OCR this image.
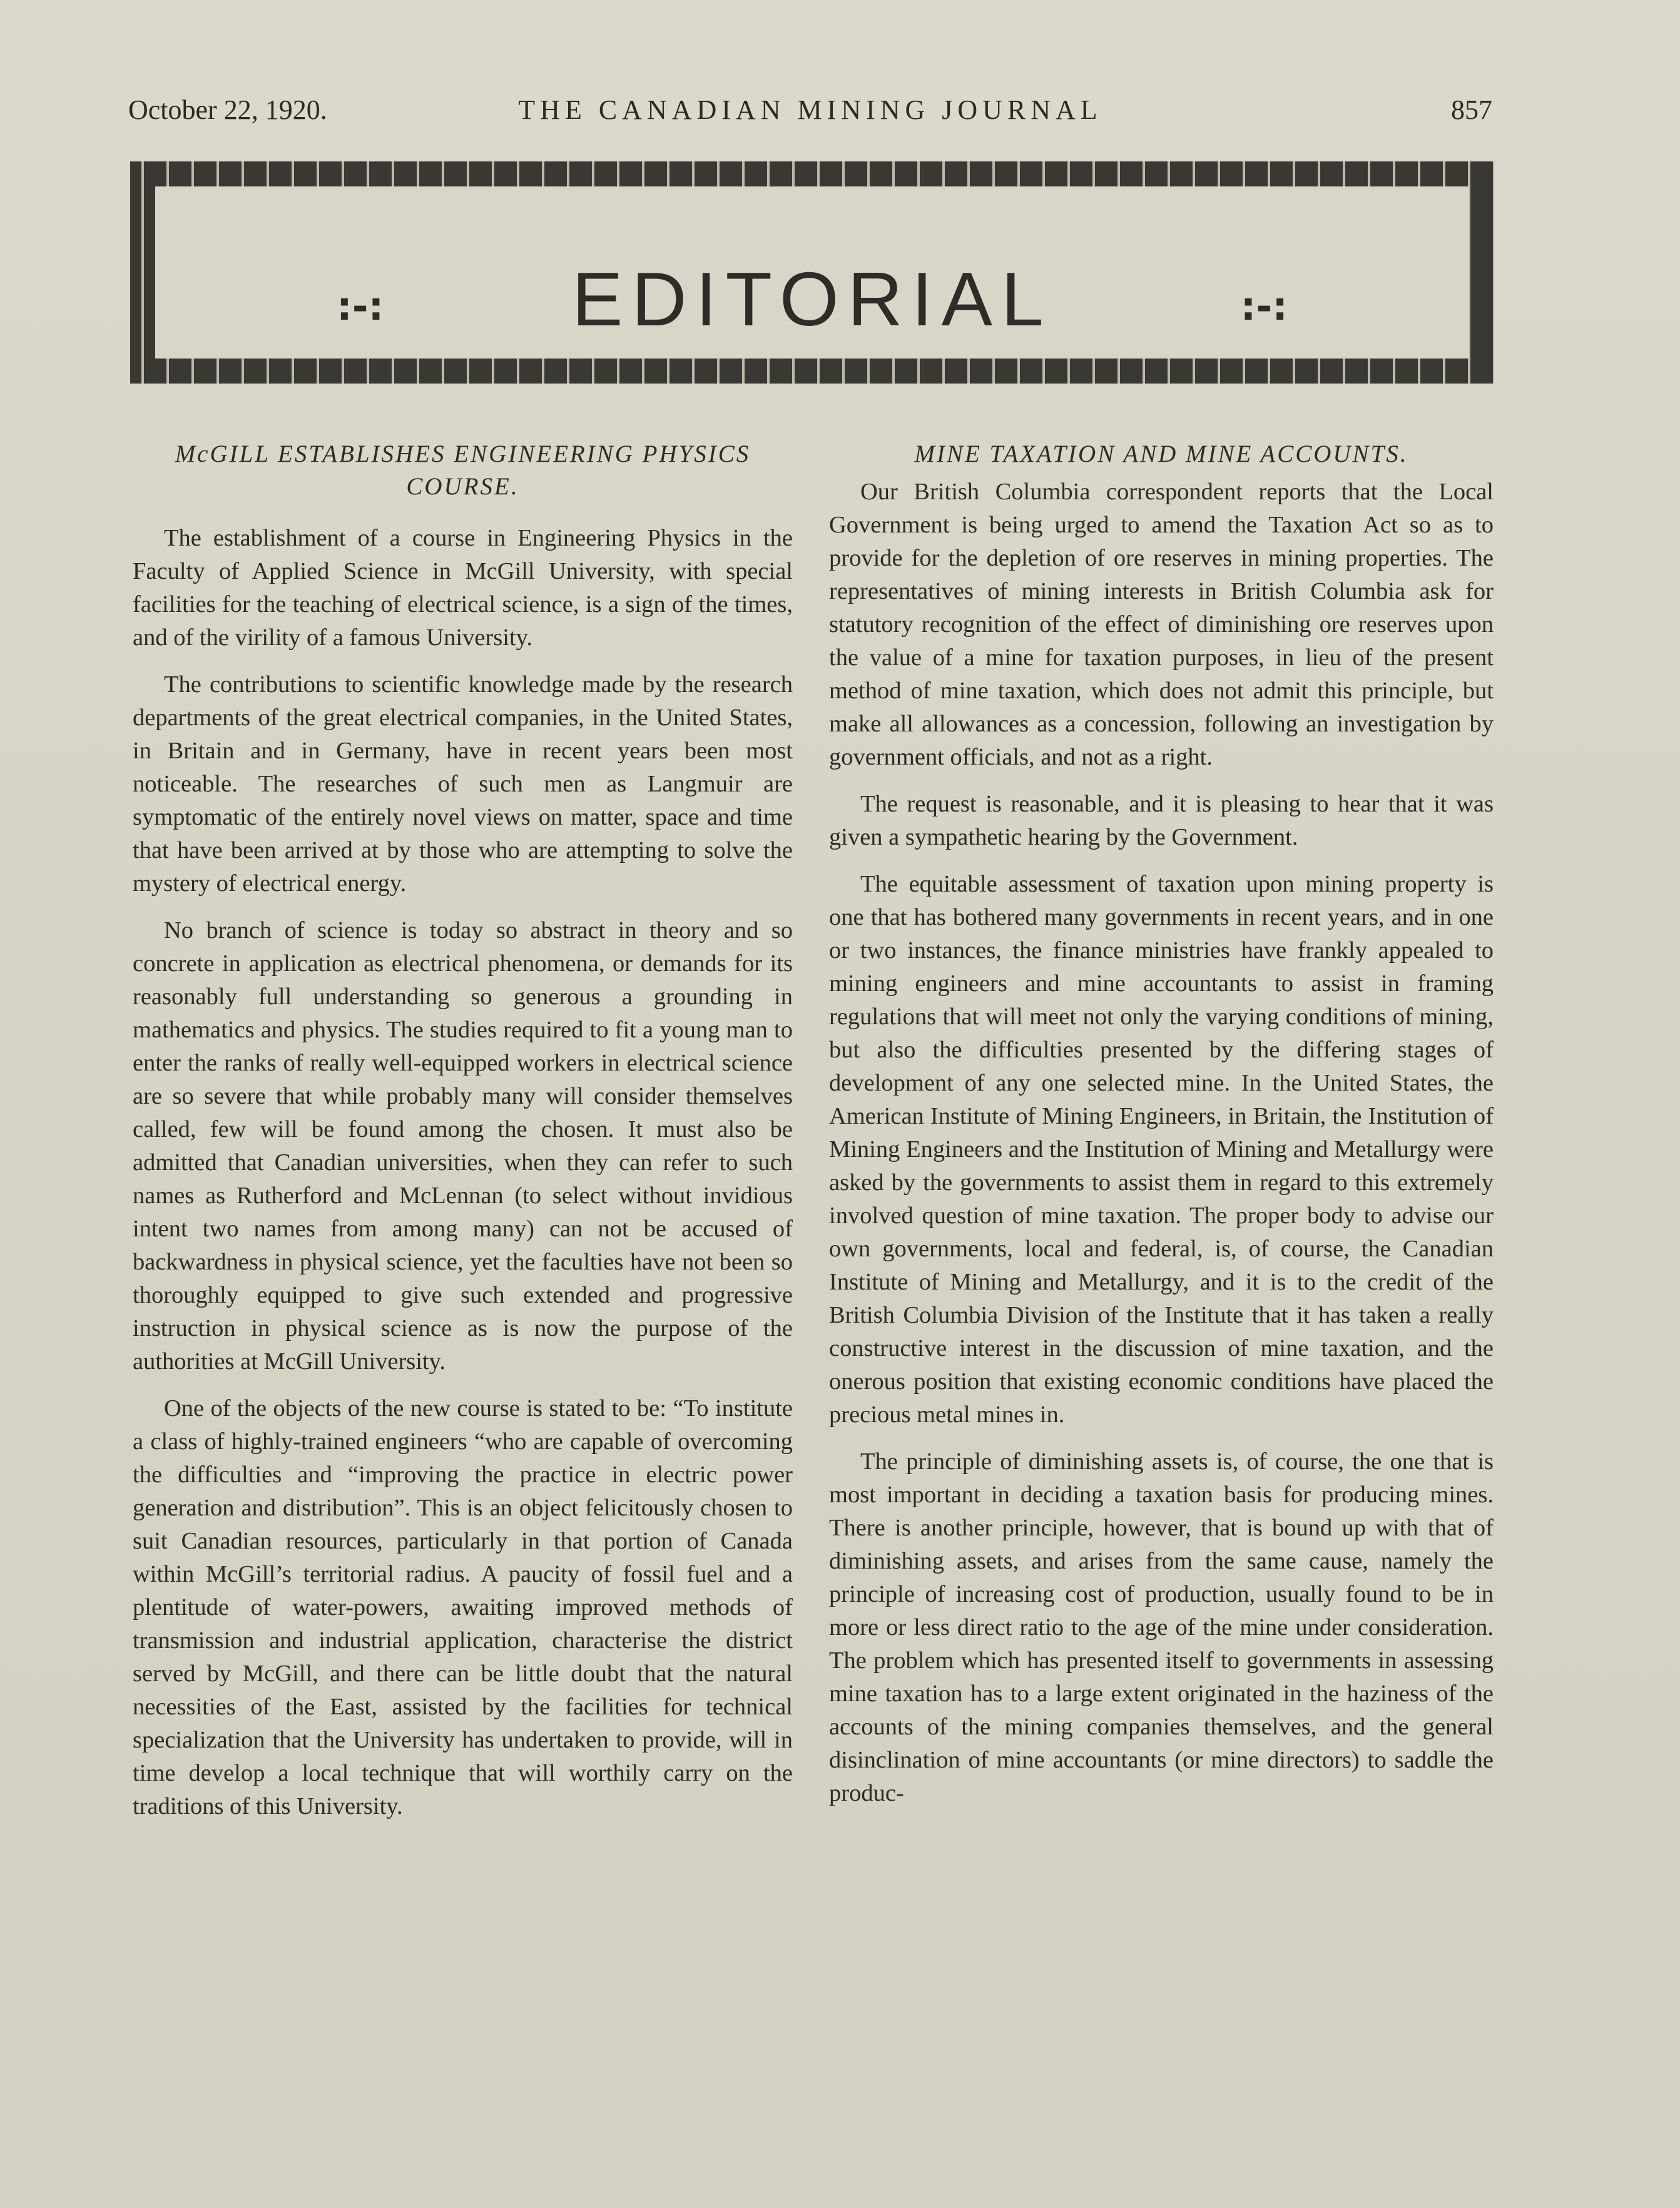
October 22, 1920.	THE CANADIAN MINING JOURNAL	857
:-:	EDITORIAL	:-:
McGILL ESTABLISHES ENGINEERING PHYSICS COURSE.

The establishment of a course in Engineering Physics in the Faculty of Applied Science in McGill University, with special facilities for the teaching of electrical science, is a sign of the times, and of the virility of a famous University.

The contributions to scientific knowledge made by the research departments of the great electrical companies, in the United States, in Britain and in Germany, have in recent years been most noticeable. The researches of such men as Langmuir are symptomatic of the entirely novel views on matter, space and time that have been arrived at by those who are attempting to solve the mystery of electrical energy.

No branch of science is today so abstract in theory and so concrete in application as electrical phenomena, or demands for its reasonably full understanding so generous a grounding in mathematics and physics. The studies required to fit a young man to enter the ranks of really well-equipped workers in electrical science are so severe that while probably many will consider themselves called, few will be found among the chosen. It must also be admitted that Canadian universities, when they can refer to such names as Rutherford and McLennan (to select without invidious intent two names from among many) can not be accused of backwardness in physical science, yet the faculties have not been so thoroughly equipped to give such extended and progressive instruction in physical science as is now the purpose of the authorities at McGill University.

One of the objects of the new course is stated to be: “To institute a class of highly-trained engineers “who are capable of overcoming the difficulties and “improving the practice in electric power generation and distribution”. This is an object felicitously chosen to suit Canadian resources, particularly in that portion of Canada within McGill’s territorial radius. A paucity of fossil fuel and a plentitude of water-powers, awaiting improved methods of transmission and industrial application, characterise the district served by McGill, and there can be little doubt that the natural necessities of the East, assisted by the facilities for technical specialization that the University has undertaken to provide, will in time develop a local technique that will worthily carry on the traditions of this University.

MINE TAXATION AND MINE ACCOUNTS.

Our British Columbia correspondent reports that the Local Government is being urged to amend the Taxation Act so as to provide for the depletion of ore reserves in mining properties. The representatives of mining interests in British Columbia ask for statutory recognition of the effect of diminishing ore reserves upon the value of a mine for taxation purposes, in lieu of the present method of mine taxation, which does not admit this principle, but make all allowances as a concession, following an investigation by government officials, and not as a right.

The request is reasonable, and it is pleasing to hear that it was given a sympathetic hearing by the Government.

The equitable assessment of taxation upon mining property is one that has bothered many governments in recent years, and in one or two instances, the finance ministries have frankly appealed to mining engineers and mine accountants to assist in framing regulations that will meet not only the varying conditions of mining, but also the difficulties presented by the differing stages of development of any one selected mine. In the United States, the American Institute of Mining Engineers, in Britain, the Institution of Mining Engineers and the Institution of Mining and Metallurgy were asked by the governments to assist them in regard to this extremely involved question of mine taxation. The proper body to advise our own governments, local and federal, is, of course, the Canadian Institute of Mining and Metallurgy, and it is to the credit of the British Columbia Division of the Institute that it has taken a really constructive interest in the discussion of mine taxation, and the onerous position that existing economic conditions have placed the precious metal mines in.

The principle of diminishing assets is, of course, the one that is most important in deciding a taxation basis for producing mines. There is another principle, however, that is bound up with that of diminishing assets, and arises from the same cause, namely the principle of increasing cost of production, usually found to be in more or less direct ratio to the age of the mine under consideration. The problem which has presented itself to governments in assessing mine taxation has to a large extent originated in the haziness of the accounts of the mining companies themselves, and the general disinclination of mine accountants (or mine directors) to saddle the produc-
